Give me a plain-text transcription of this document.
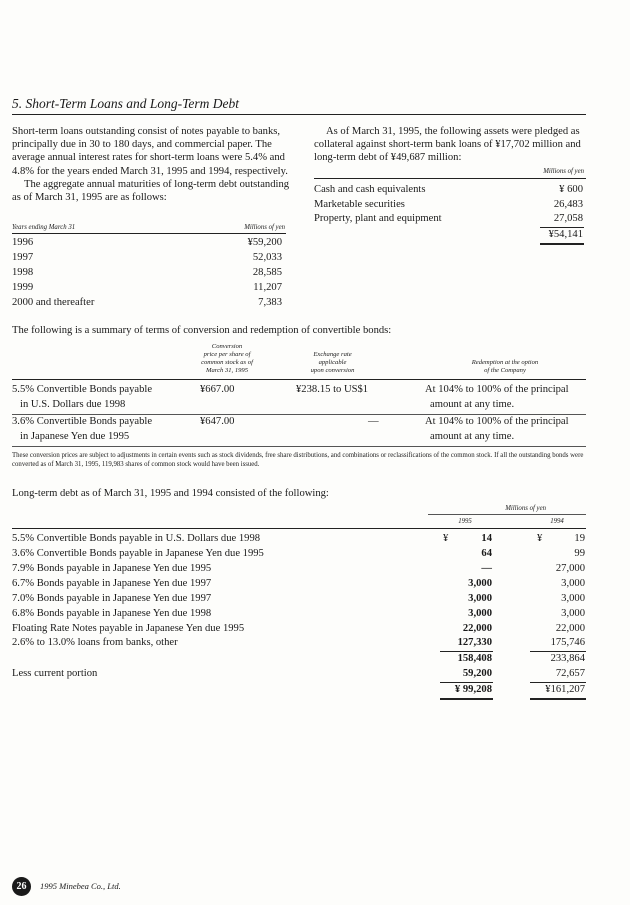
5. Short-Term Loans and Long-Term Debt

Short-term loans outstanding consist of notes payable to banks, principally due in 30 to 180 days, and commercial paper. The average annual interest rates for short-term loans were 5.4% and 4.8% for the years ended March 31, 1995 and 1994, respectively.

The aggregate annual maturities of long-term debt outstanding as of March 31, 1995 are as follows:

Years ending March 31	Millions of yen
1996	¥59,200
1997	52,033
1998	28,585
1999	11,207
2000 and thereafter	7,383
As of March 31, 1995, the following assets were pledged as collateral against short-term bank loans of ¥17,702 million and long-term debt of ¥49,687 million:
Millions of yen
Cash and cash equivalents	¥ 600
Marketable securities	26,483
Property, plant and equipment	27,058
¥54,141
The following is a summary of terms of conversion and redemption of convertible bonds:
Conversion
price per share of
common stock as of
March 31, 1995
Exchange rate
applicable
upon conversion
Redemption at the option
of the Company
5.5% Convertible Bonds payable
in U.S. Dollars due 1998
¥667.00	¥238.15 to US$1	At 104% to 100% of the principal
amount at any time.
3.6% Convertible Bonds payable
in Japanese Yen due 1995
¥647.00	—	At 104% to 100% of the principal
amount at any time.
These conversion prices are subject to adjustments in certain events such as stock dividends, free share distributions, and combinations or reclassifications of the common stock. If all the outstanding bonds were converted as of March 31, 1995, 119,983 shares of common stock would have been issued.
Long-term debt as of March 31, 1995 and 1994 consisted of the following:
Millions of yen
1995	1994
5.5% Convertible Bonds payable in U.S. Dollars due 1998	¥	14	¥	19
3.6% Convertible Bonds payable in Japanese Yen due 1995	64	99
7.9% Bonds payable in Japanese Yen due 1995	—	27,000
6.7% Bonds payable in Japanese Yen due 1997	3,000	3,000
7.0% Bonds payable in Japanese Yen due 1997	3,000	3,000
6.8% Bonds payable in Japanese Yen due 1998	3,000	3,000
Floating Rate Notes payable in Japanese Yen due 1995	22,000	22,000
2.6% to 13.0% loans from banks, other	127,330	175,746
158,408	233,864
Less current portion	59,200	72,657
¥ 99,208	¥161,207
26	1995 Minebea Co., Ltd.
